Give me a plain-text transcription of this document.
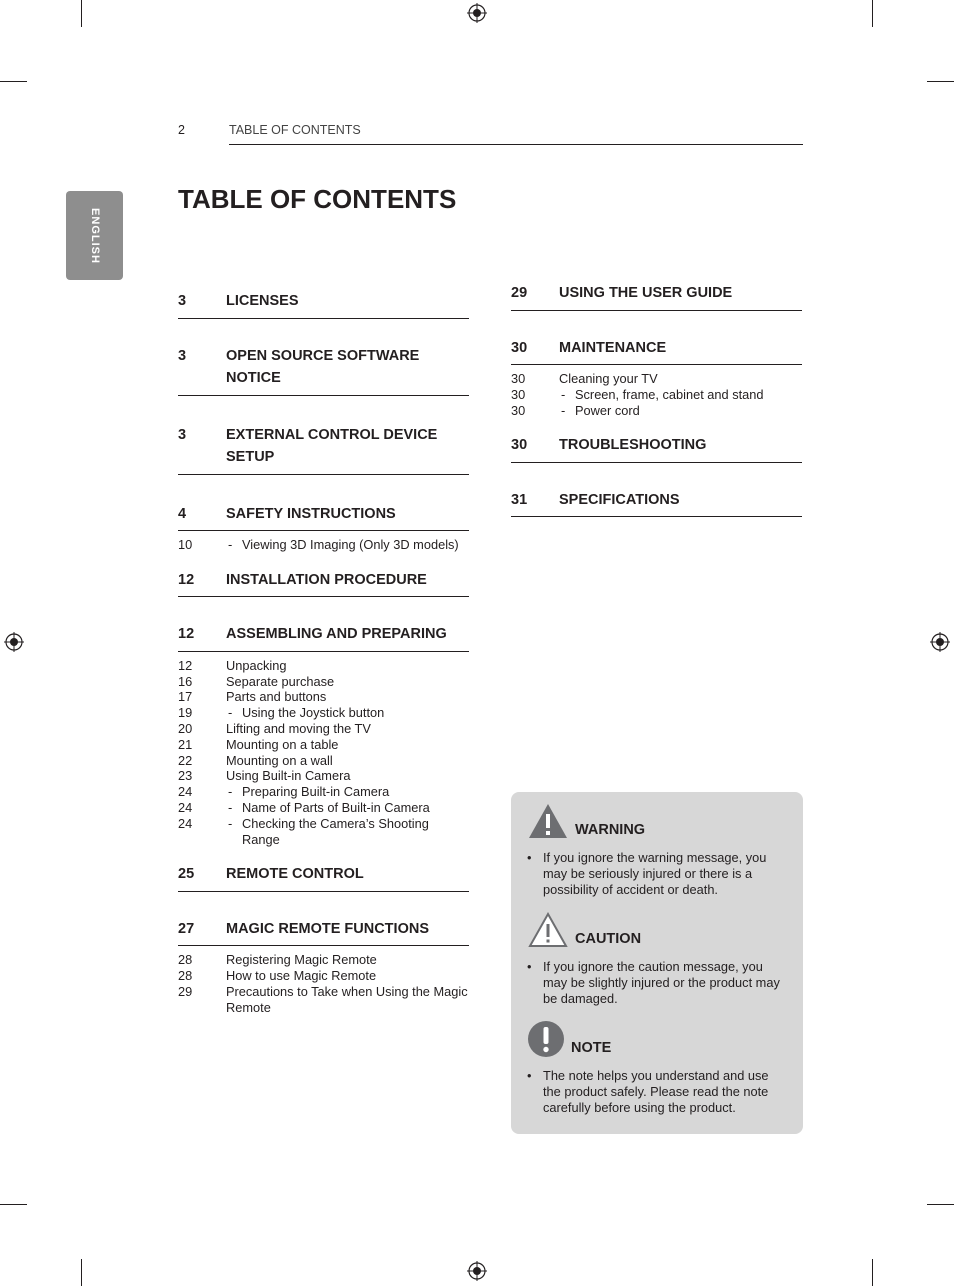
ENGLISH
2	TABLE OF CONTENTS
TABLE OF CONTENTS
3	LICENSES
3	OPEN SOURCE SOFTWARE NOTICE
3	EXTERNAL CONTROL DEVICE SETUP
4	SAFETY INSTRUCTIONS
10	- Viewing 3D Imaging (Only 3D models)
12	INSTALLATION PROCEDURE
12	ASSEMBLING AND PREPARING
12	Unpacking
16	Separate purchase
17	Parts and buttons
19	- Using the Joystick button
20	Lifting and moving the TV
21	Mounting on a table
22	Mounting on a wall
23	Using Built-in Camera
24	- Preparing Built-in Camera
24	- Name of Parts of Built-in Camera
24	- Checking the Camera’s Shooting Range
25	REMOTE CONTROL
27	MAGIC REMOTE FUNCTIONS
28	Registering Magic Remote
28	How to use Magic Remote
29	Precautions to Take when Using the Magic Remote
29	USING THE USER GUIDE
30	MAINTENANCE
30	Cleaning your TV
30	- Screen, frame, cabinet and stand
30	- Power cord
30	TROUBLESHOOTING
31	SPECIFICATIONS
WARNING
• If you ignore the warning message, you may be seriously injured or there is a possibility of accident or death.
CAUTION
• If you ignore the caution message, you may be slightly injured or the product may be damaged.
NOTE
• The note helps you understand and use the product safely. Please read the note carefully before using the product.
